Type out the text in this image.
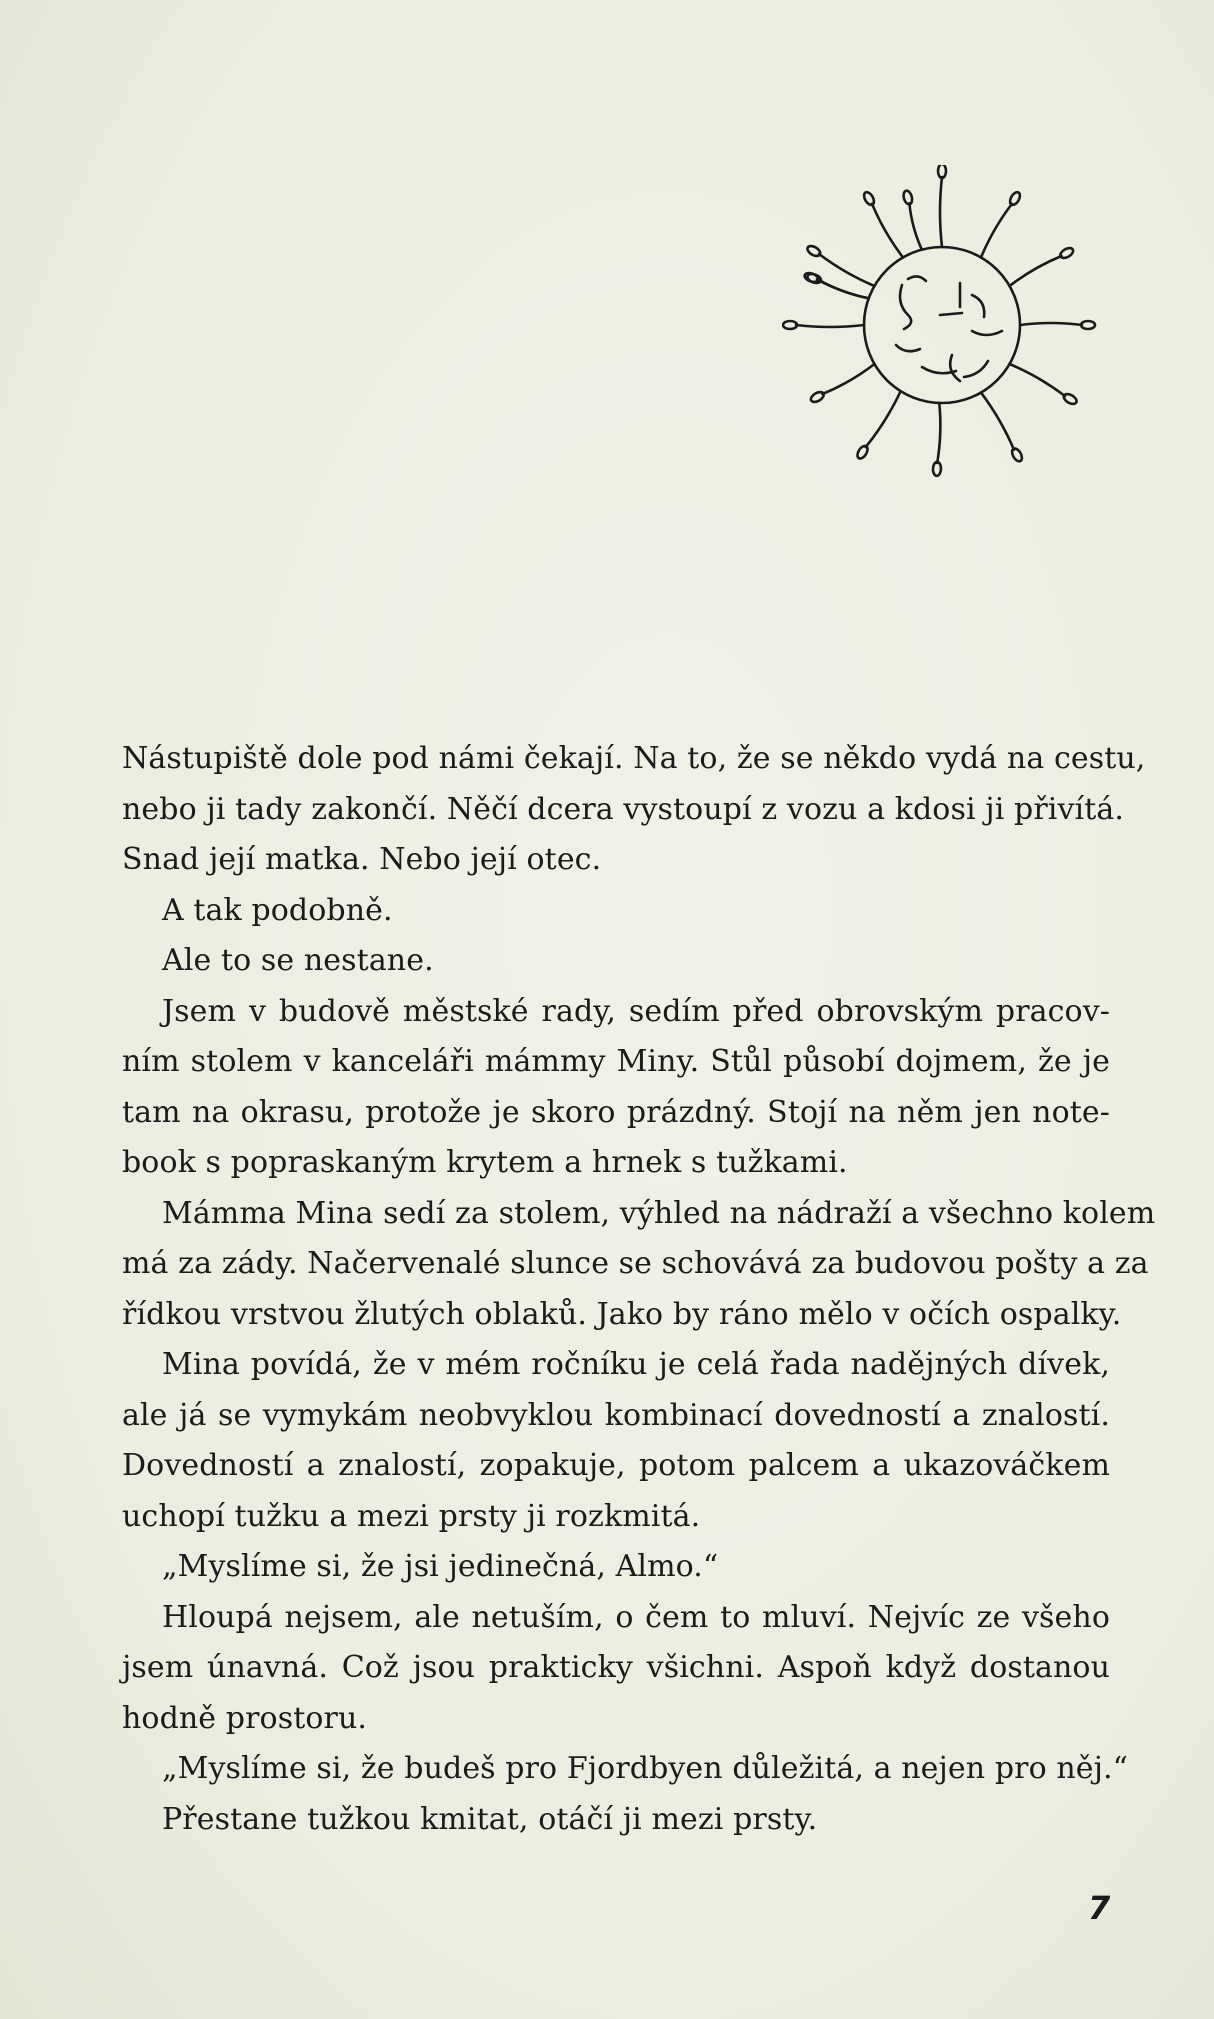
Nástupiště dole pod námi čekají. Na to, že se někdo vydá na cestu,
nebo ji tady zakončí. Něčí dcera vystoupí z vozu a kdosi ji přivítá.
Snad její matka. Nebo její otec.
A tak podobně.
Ale to se nestane.
Jsem v budově městské rady, sedím před obrovským pracov-
ním stolem v kanceláři mámmy Miny. Stůl působí dojmem, že je
tam na okrasu, protože je skoro prázdný. Stojí na něm jen note-
book s popraskaným krytem a hrnek s tužkami.
Mámma Mina sedí za stolem, výhled na nádraží a všechno kolem
má za zády. Načervenalé slunce se schovává za budovou pošty a za
řídkou vrstvou žlutých oblaků. Jako by ráno mělo v očích ospalky.
Mina povídá, že v mém ročníku je celá řada nadějných dívek,
ale já se vymykám neobvyklou kombinací dovedností a znalostí.
Dovedností a znalostí, zopakuje, potom palcem a ukazováčkem
uchopí tužku a mezi prsty ji rozkmitá.
„Myslíme si, že jsi jedinečná, Almo.“
Hloupá nejsem, ale netuším, o čem to mluví. Nejvíc ze všeho
jsem únavná. Což jsou prakticky všichni. Aspoň když dostanou
hodně prostoru.
„Myslíme si, že budeš pro Fjordbyen důležitá, a nejen pro něj.“
Přestane tužkou kmitat, otáčí ji mezi prsty.
7
